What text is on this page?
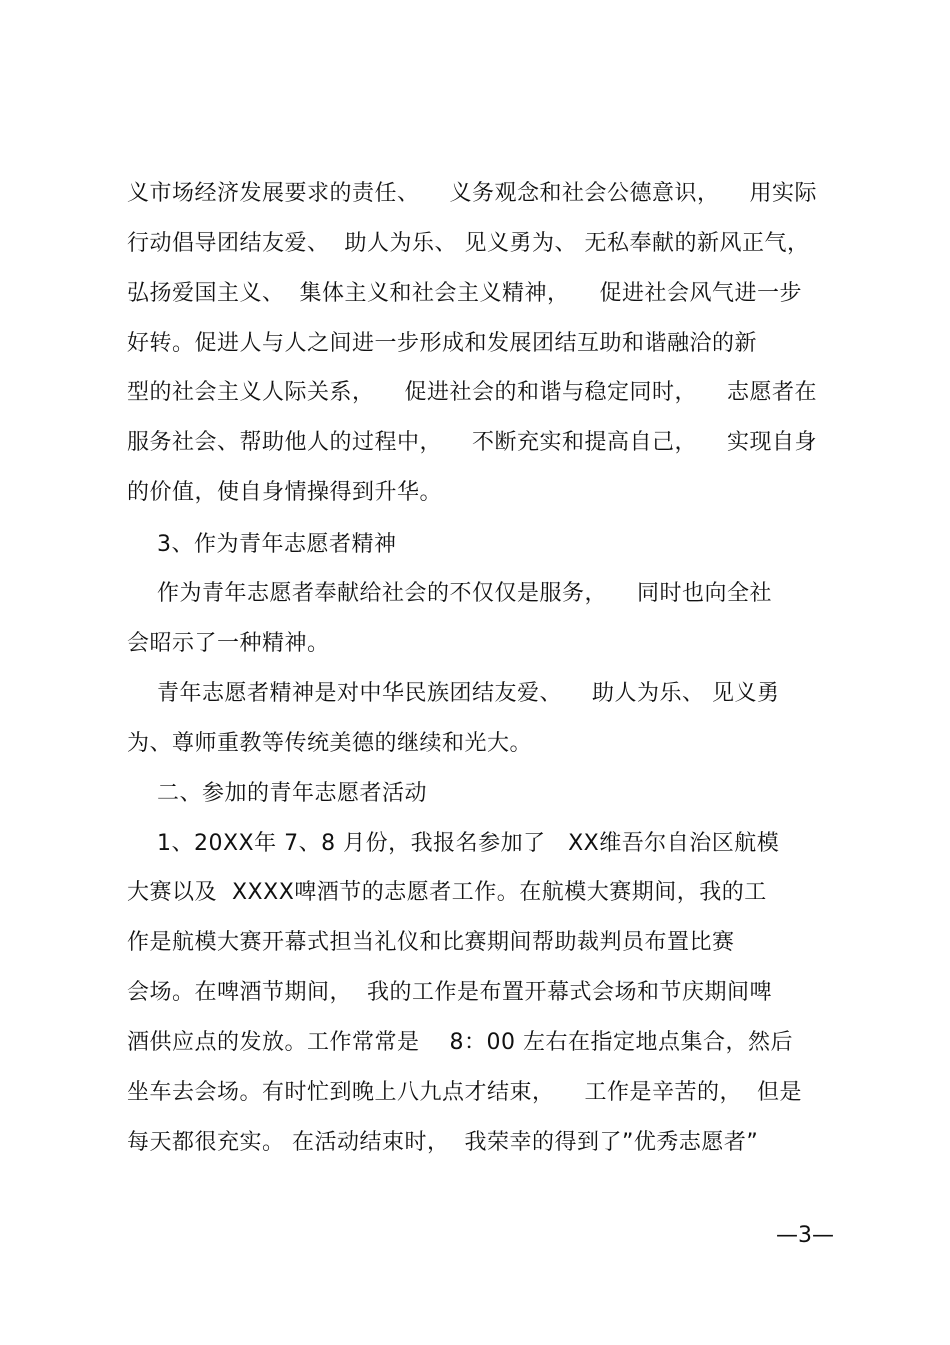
义市场经济发展要求的责任、    义务观念和社会公德意识，    用实际
行动倡导团结友爱、  助人为乐、 见义勇为、 无私奉献的新风正气，
弘扬爱国主义、  集体主义和社会主义精神，    促进社会风气进一步
好转。促进人与人之间进一步形成和发展团结互助和谐融洽的新
型的社会主义人际关系，    促进社会的和谐与稳定同时，    志愿者在
服务社会、帮助他人的过程中，    不断充实和提高自己，    实现自身
的价值，使自身情操得到升华。
3、作为青年志愿者精神
作为青年志愿者奉献给社会的不仅仅是服务，    同时也向全社
会昭示了一种精神。
青年志愿者精神是对中华民族团结友爱、    助人为乐、 见义勇
为、尊师重教等传统美德的继续和光大。
二、参加的青年志愿者活动
1、20XX年 7、8 月份，我报名参加了   XX维吾尔自治区航模
大赛以及  XXXX啤酒节的志愿者工作。在航模大赛期间，我的工
作是航模大赛开幕式担当礼仪和比赛期间帮助裁判员布置比赛
会场。在啤酒节期间，  我的工作是布置开幕式会场和节庆期间啤
酒供应点的发放。工作常常是    8：00 左右在指定地点集合，然后
坐车去会场。有时忙到晚上八九点才结束，    工作是辛苦的，  但是
每天都很充实。 在活动结束时，  我荣幸的得到了”优秀志愿者”
—3—
